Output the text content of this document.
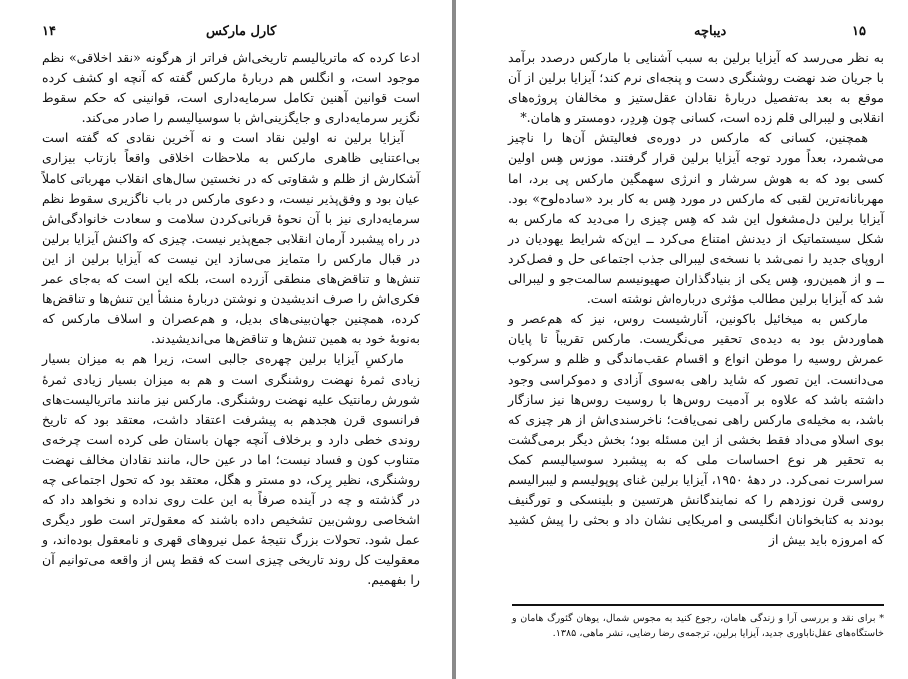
۱۴	کارل مارکس

ادعا کرده که ماتریالیسم تاریخی‌اش فراتر از هرگونه «نقد اخلاقی» نظم موجود است، و انگلس هم دربارهٔ مارکس گفته که آنچه او کشف کرده است قوانین آهنین تکامل سرمایه‌داری است، قوانینی که حکم سقوط نگزیر سرمایه‌داری و جایگزینی‌اش با سوسیالیسم را صادر می‌کند.

آیزایا برلین نه اولین نقاد است و نه آخرین نقادی که گفته است بی‌اعتنایی ظاهری مارکس به ملاحظات اخلاقی واقعاً بازتاب بیزاری آشکارش از ظلم و شقاوتی که در نخستین سال‌های انقلاب مهرباتی کاملاً عیان بود و وفق‌پذیر نیست، و دعوی مارکس در باب ناگزیری سقوط نظم سرمایه‌داری نیز با آن نحوهٔ قربانی‌کردن سلامت و سعادت خانوادگی‌اش در راه پیشبرد آرمان انقلابی جمع‌پذیر نیست. چیزی که واکنش آیزایا برلین در قبال مارکس را متمایز می‌سازد این نیست که آیزایا برلین از این تنش‌ها و تناقض‌های منطقی آزرده است، بلکه این است که به‌جای عمر فکری‌اش را صرف اندیشیدن و نوشتن دربارهٔ منشأ این تنش‌ها و تناقض‌ها کرده، همچنین جهان‌بینی‌های بدیل، و هم‌عصران و اسلاف مارکس که به‌نوبهٔ خود به همین تنش‌ها و تناقض‌ها می‌اندیشیدند.

مارکسِ آیزایا برلین چهره‌ی جالبی است، زیرا هم به میزان بسیار زیادی ثمرهٔ نهضت روشنگری است و هم به میزان بسیار زیادی ثمرهٔ شورش رمانتیک علیه نهضت روشنگری. مارکس نیز مانند ماتریالیست‌های فرانسوی قرن هجدهم به پیشرفت اعتقاد داشت، معتقد بود که تاریخ روندی خطی دارد و برخلاف آنچه جهان باستان طی کرده است چرخه‌ی متناوب کون و فساد نیست؛ اما در عین حال، مانند نقادان مخالف نهضت روشنگری، نظیر بِرک، دو مستر و هگل، معتقد بود که تحول اجتماعی چه در گذشته و چه در آینده صرفاً به این علت روی نداده و نخواهد داد که اشخاصی روشن‌بین تشخیص داده باشند که معقول‌تر است طور دیگری عمل شود. تحولات بزرگ نتیجهٔ عمل نیروهای قهری و نامعقول بوده‌اند، و معقولیت کل روند تاریخی چیزی است که فقط پس از واقعه می‌توانیم آن را بفهمیم.

دیباچه	۱۵

به نظر می‌رسد که آیزایا برلین به سبب آشنایی با مارکس درصدد برآمد با جریان ضد نهضت روشنگری دست و پنجه‌ای نرم کند؛ آیزایا برلین از آن موقع به بعد به‌تفصیل دربارهٔ نقادان عقل‌ستیز و مخالفان پروژه‌های انقلابی و لیبرالی قلم زده است، کسانی چون هِردِر، دومستر و هامان.*

همچنین، کسانی که مارکس در دوره‌ی فعالیتش آن‌ها را ناچیز می‌شمرد، بعداً مورد توجه آیزایا برلین قرار گرفتند. موزس هِس اولین کسی بود که به هوش سرشار و انرژی سهمگین مارکس پی برد، اما مهربانانه‌ترین لقبی که مارکس در مورد هِس به کار برد «ساده‌لوح» بود. آیزایا برلین دل‌مشغول این شد که هِس چیزی را می‌دید که مارکس به شکل سیستماتیک از دیدنش امتناع می‌کرد ــ این‌که شرایط یهودیان در اروپای جدید را نمی‌شد با نسخه‌ی لیبرالی جذب اجتماعی حل و فصل‌کرد ــ و از همین‌رو، هِس یکی از بنیادگذاران صهیونیسم سالمت‌جو و لیبرالی شد که آیزایا برلین مطالب مؤثری درباره‌اش نوشته است.

مارکس به میخائیل باکونین، آنارشیست روس، نیز که هم‌عصر و هماوردش بود به دیده‌ی تحقیر می‌نگریست. مارکس تقریباً تا پایان عمرش روسیه را موطن انواع و اقسام عقب‌ماندگی و ظلم و سرکوب می‌دانست. این تصور که شاید راهی به‌سوی آزادی و دموکراسی وجود داشته باشد که علاوه بر آدمیت روس‌ها با روسیت روس‌ها نیز سازگار باشد، به مخیله‌ی مارکس راهی نمی‌یافت؛ ناخرسندی‌اش از هر چیزی که بوی اسلاو می‌داد فقط بخشی از این مسئله بود؛ بخش دیگر برمی‌گشت به تحقیر هر نوع احساسات ملی که به پیشبرد سوسیالیسم کمک سراسرت نمی‌کرد. در دههٔ ۱۹۵۰، آیزایا برلین غنای پوپولیسم و لیبرالیسم روسی قرن نوزدهم را که نمایندگانش هرتسین و بلینسکی و تورگنیف بودند به کتابخوانان انگلیسی و امریکایی نشان داد و بحثی را پیش کشید که امروزه باید بیش از

* برای نقد و بررسی آرا و زندگی هامان، رجوع کنید به مجوس شمال، یوهان گئورگ هامان و خاستگاه‌های عقل‌ناباوری جدید، آیزایا برلین، ترجمه‌ی رضا رضایی، نشر ماهی، ۱۳۸۵.
